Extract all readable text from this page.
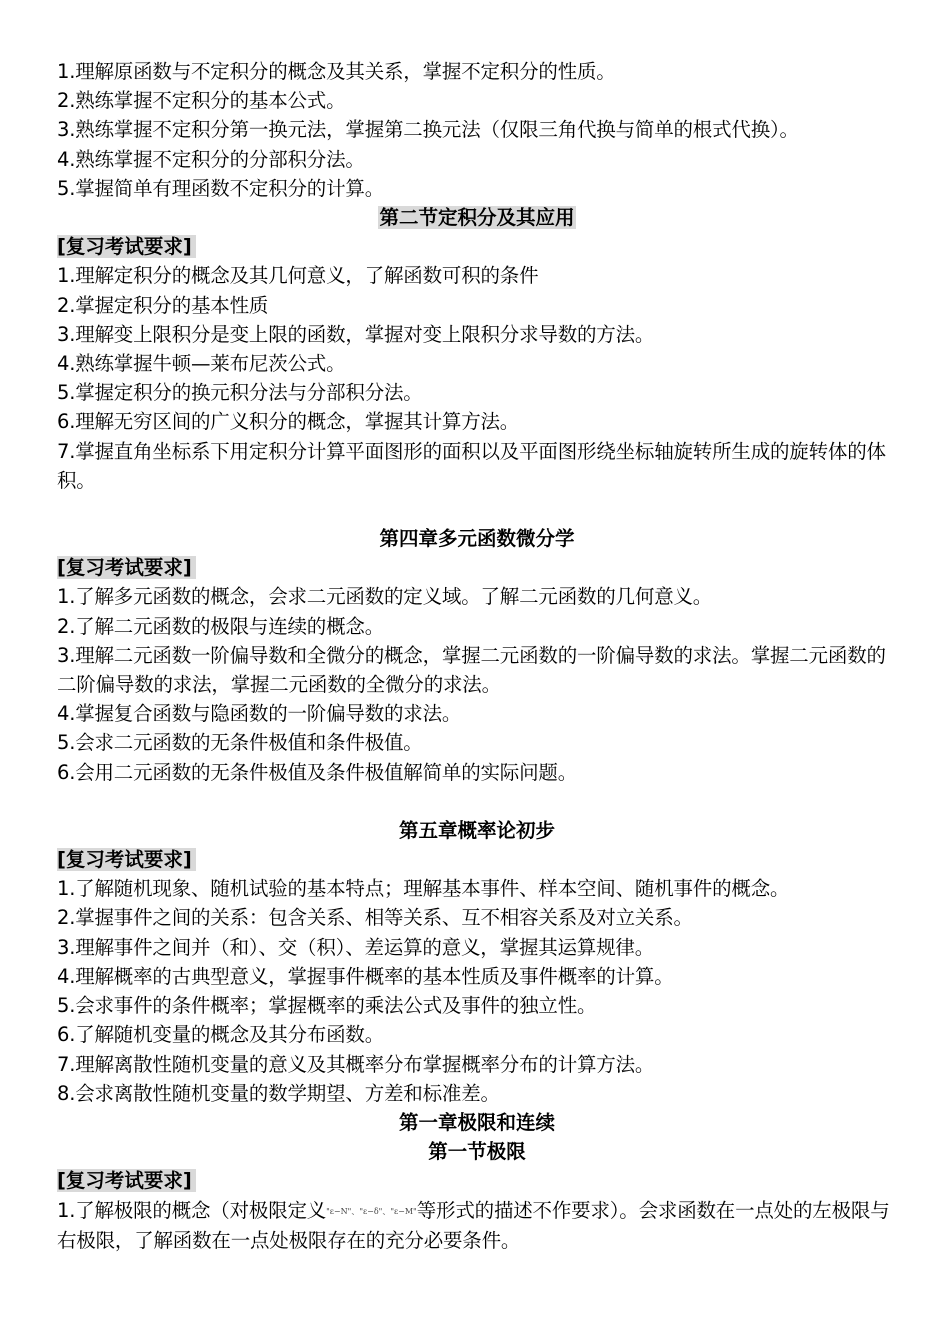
1.理解原函数与不定积分的概念及其关系，掌握不定积分的性质。
2.熟练掌握不定积分的基本公式。
3.熟练掌握不定积分第一换元法，掌握第二换元法（仅限三角代换与简单的根式代换）。
4.熟练掌握不定积分的分部积分法。
5.掌握简单有理函数不定积分的计算。
第二节定积分及其应用
[复习考试要求]
1.理解定积分的概念及其几何意义，了解函数可积的条件
2.掌握定积分的基本性质
3.理解变上限积分是变上限的函数，掌握对变上限积分求导数的方法。
4.熟练掌握牛顿—莱布尼茨公式。
5.掌握定积分的换元积分法与分部积分法。
6.理解无穷区间的广义积分的概念，掌握其计算方法。
7.掌握直角坐标系下用定积分计算平面图形的面积以及平面图形绕坐标轴旋转所生成的旋转体的体积。
第四章多元函数微分学
[复习考试要求]
1.了解多元函数的概念，会求二元函数的定义域。了解二元函数的几何意义。
2.了解二元函数的极限与连续的概念。
3.理解二元函数一阶偏导数和全微分的概念，掌握二元函数的一阶偏导数的求法。掌握二元函数的二阶偏导数的求法，掌握二元函数的全微分的求法。
4.掌握复合函数与隐函数的一阶偏导数的求法。
5.会求二元函数的无条件极值和条件极值。
6.会用二元函数的无条件极值及条件极值解简单的实际问题。
第五章概率论初步
[复习考试要求]
1.了解随机现象、随机试验的基本特点；理解基本事件、样本空间、随机事件的概念。
2.掌握事件之间的关系：包含关系、相等关系、互不相容关系及对立关系。
3.理解事件之间并（和）、交（积）、差运算的意义，掌握其运算规律。
4.理解概率的古典型意义，掌握事件概率的基本性质及事件概率的计算。
5.会求事件的条件概率；掌握概率的乘法公式及事件的独立性。
6.了解随机变量的概念及其分布函数。
7.理解离散性随机变量的意义及其概率分布掌握概率分布的计算方法。
8.会求离散性随机变量的数学期望、方差和标准差。
第一章极限和连续
第一节极限
[复习考试要求]
1.了解极限的概念（对极限定义"ε−N"、"ε−δ"、"ε−M"等形式的描述不作要求）。会求函数在一点处的左极限与右极限，了解函数在一点处极限存在的充分必要条件。
